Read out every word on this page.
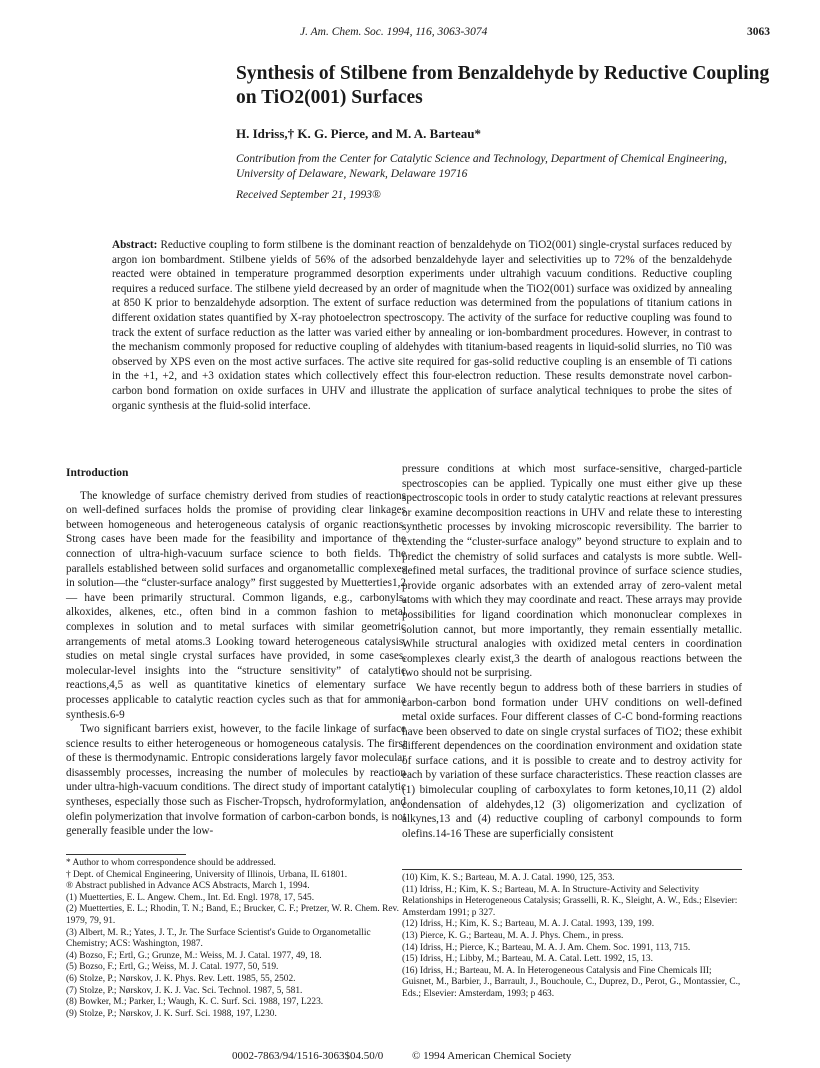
J. Am. Chem. Soc. 1994, 116, 3063-3074	3063
Synthesis of Stilbene from Benzaldehyde by Reductive Coupling on TiO2(001) Surfaces
H. Idriss,† K. G. Pierce, and M. A. Barteau*
Contribution from the Center for Catalytic Science and Technology, Department of Chemical Engineering, University of Delaware, Newark, Delaware 19716
Received September 21, 1993®
Abstract: Reductive coupling to form stilbene is the dominant reaction of benzaldehyde on TiO2(001) single-crystal surfaces reduced by argon ion bombardment. Stilbene yields of 56% of the adsorbed benzaldehyde layer and selectivities up to 72% of the benzaldehyde reacted were obtained in temperature programmed desorption experiments under ultrahigh vacuum conditions. Reductive coupling requires a reduced surface. The stilbene yield decreased by an order of magnitude when the TiO2(001) surface was oxidized by annealing at 850 K prior to benzaldehyde adsorption. The extent of surface reduction was determined from the populations of titanium cations in different oxidation states quantified by X-ray photoelectron spectroscopy. The activity of the surface for reductive coupling was found to track the extent of surface reduction as the latter was varied either by annealing or ion-bombardment procedures. However, in contrast to the mechanism commonly proposed for reductive coupling of aldehydes with titanium-based reagents in liquid-solid slurries, no Ti0 was observed by XPS even on the most active surfaces. The active site required for gas-solid reductive coupling is an ensemble of Ti cations in the +1, +2, and +3 oxidation states which collectively effect this four-electron reduction. These results demonstrate novel carbon-carbon bond formation on oxide surfaces in UHV and illustrate the application of surface analytical techniques to probe the sites of organic synthesis at the fluid-solid interface.
Introduction

The knowledge of surface chemistry derived from studies of reactions on well-defined surfaces holds the promise of providing clear linkages between homogeneous and heterogeneous catalysis of organic reactions. Strong cases have been made for the feasibility and importance of the connection of ultra-high-vacuum surface science to both fields. The parallels established between solid surfaces and organometallic complexes in solution—the “cluster-surface analogy” first suggested by Muetterties1,2— have been primarily structural. Common ligands, e.g., carbonyls, alkoxides, alkenes, etc., often bind in a common fashion to metal complexes in solution and to metal surfaces with similar geometric arrangements of metal atoms.3 Looking toward heterogeneous catalysis, studies on metal single crystal surfaces have provided, in some cases, molecular-level insights into the “structure sensitivity” of catalytic reactions,4,5 as well as quantitative kinetics of elementary surface processes applicable to catalytic reaction cycles such as that for ammonia synthesis.6-9

Two significant barriers exist, however, to the facile linkage of surface science results to either heterogeneous or homogeneous catalysis. The first of these is thermodynamic. Entropic considerations largely favor molecular disassembly processes, increasing the number of molecules by reaction under ultra-high-vacuum conditions. The direct study of important catalytic syntheses, especially those such as Fischer-Tropsch, hydroformylation, and olefin polymerization that involve formation of carbon-carbon bonds, is not generally feasible under the low-

pressure conditions at which most surface-sensitive, charged-particle spectroscopies can be applied. Typically one must either give up these spectroscopic tools in order to study catalytic reactions at relevant pressures or examine decomposition reactions in UHV and relate these to interesting synthetic processes by invoking microscopic reversibility. The barrier to extending the “cluster-surface analogy” beyond structure to explain and to predict the chemistry of solid surfaces and catalysts is more subtle. Well-defined metal surfaces, the traditional province of surface science studies, provide organic adsorbates with an extended array of zero-valent metal atoms with which they may coordinate and react. These arrays may provide possibilities for ligand coordination which mononuclear complexes in solution cannot, but more importantly, they remain essentially metallic. While structural analogies with oxidized metal centers in coordination complexes clearly exist,3 the dearth of analogous reactions between the two should not be surprising.

We have recently begun to address both of these barriers in studies of carbon-carbon bond formation under UHV conditions on well-defined metal oxide surfaces. Four different classes of C-C bond-forming reactions have been observed to date on single crystal surfaces of TiO2; these exhibit different dependences on the coordination environment and oxidation state of surface cations, and it is possible to create and to destroy activity for each by variation of these surface characteristics. These reaction classes are (1) bimolecular coupling of carboxylates to form ketones,10,11 (2) aldol condensation of aldehydes,12 (3) oligomerization and cyclization of alkynes,13 and (4) reductive coupling of carbonyl compounds to form olefins.14-16 These are superficially consistent

* Author to whom correspondence should be addressed.
† Dept. of Chemical Engineering, University of Illinois, Urbana, IL 61801.
® Abstract published in Advance ACS Abstracts, March 1, 1994.
(1) Muetterties, E. L. Angew. Chem., Int. Ed. Engl. 1978, 17, 545.
(2) Muetterties, E. L.; Rhodin, T. N.; Band, E.; Brucker, C. F.; Pretzer, W. R. Chem. Rev. 1979, 79, 91.
(3) Albert, M. R.; Yates, J. T., Jr. The Surface Scientist's Guide to Organometallic Chemistry; ACS: Washington, 1987.
(4) Bozso, F.; Ertl, G.; Grunze, M.: Weiss, M. J. Catal. 1977, 49, 18.
(5) Bozso, F.; Ertl, G.; Weiss, M. J. Catal. 1977, 50, 519.
(6) Stolze, P.; Nørskov, J. K. Phys. Rev. Lett. 1985, 55, 2502.
(7) Stolze, P.; Nørskov, J. K. J. Vac. Sci. Technol. 1987, 5, 581.
(8) Bowker, M.; Parker, I.; Waugh, K. C. Surf. Sci. 1988, 197, L223.
(9) Stolze, P.; Nørskov, J. K. Surf. Sci. 1988, 197, L230.
(10) Kim, K. S.; Barteau, M. A. J. Catal. 1990, 125, 353.
(11) Idriss, H.; Kim, K. S.; Barteau, M. A. In Structure-Activity and Selectivity Relationships in Heterogeneous Catalysis; Grasselli, R. K., Sleight, A. W., Eds.; Elsevier: Amsterdam 1991; p 327.
(12) Idriss, H.; Kim, K. S.; Barteau, M. A. J. Catal. 1993, 139, 199.
(13) Pierce, K. G.; Barteau, M. A. J. Phys. Chem., in press.
(14) Idriss, H.; Pierce, K.; Barteau, M. A. J. Am. Chem. Soc. 1991, 113, 715.
(15) Idriss, H.; Libby, M.; Barteau, M. A. Catal. Lett. 1992, 15, 13.
(16) Idriss, H.; Barteau, M. A. In Heterogeneous Catalysis and Fine Chemicals III; Guisnet, M., Barbier, J., Barrault, J., Bouchoule, C., Duprez, D., Perot, G., Montassier, C., Eds.; Elsevier: Amsterdam, 1993; p 463.
0002-7863/94/1516-3063$04.50/0	© 1994 American Chemical Society
